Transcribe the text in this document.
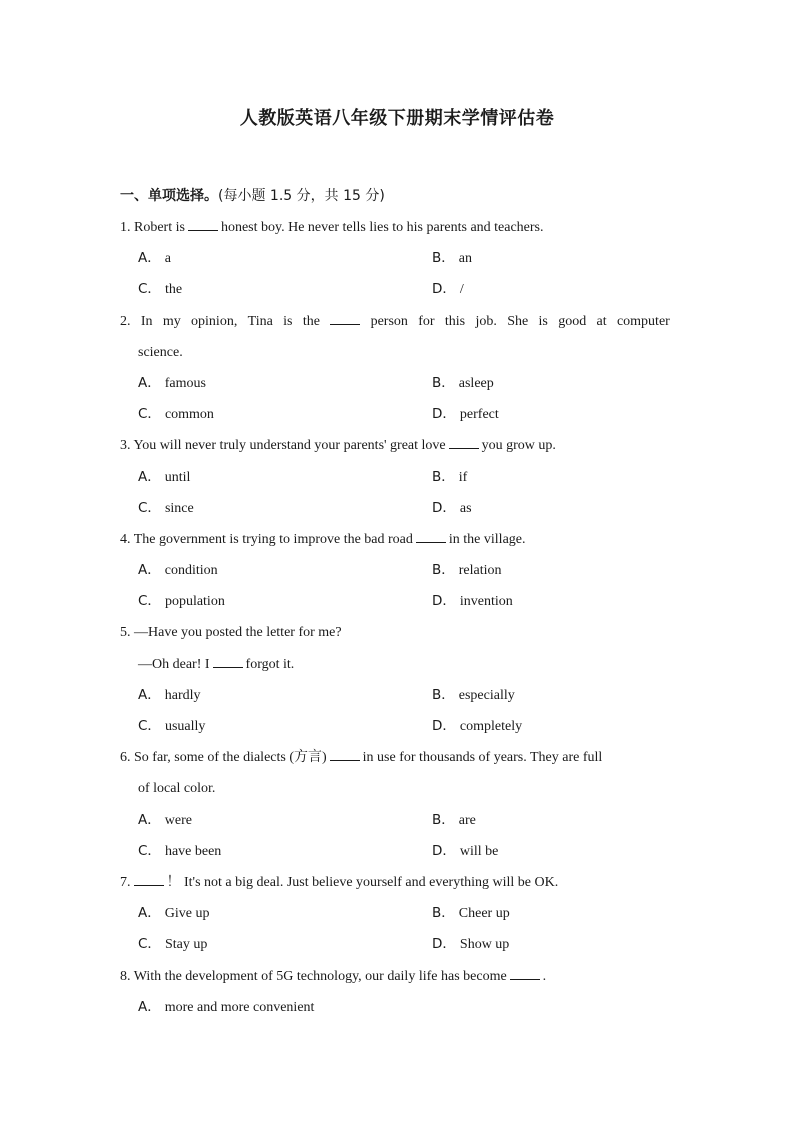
人教版英语八年级下册期末学情评估卷
一、单项选择。(每小题 1.5 分，共 15 分)
1. Robert is	honest boy. He never tells lies to his parents and teachers.
A． a	B． an
C． the	D． /
2. In my opinion, Tina is the	person for this job. She is good at computer
science.
A． famous	B． asleep
C． common	D． perfect
3. You will never truly understand your parents' great love	you grow up.
A． until	B． if
C． since	D． as
4. The government is trying to improve the bad road	in the village.
A． condition	B． relation
C． population	D． invention
5. —Have you posted the letter for me?
—Oh dear! I	forgot it.
A． hardly	B． especially
C． usually	D． completely
6. So far, some of the dialects (方言)	in use for thousands of years. They are full
of local color.
A． were	B． are
C． have been	D． will be
7.	！ It's not a big deal. Just believe yourself and everything will be OK.
A． Give up	B． Cheer up
C． Stay up	D． Show up
8. With the development of 5G technology, our daily life has become	.
A． more and more convenient
